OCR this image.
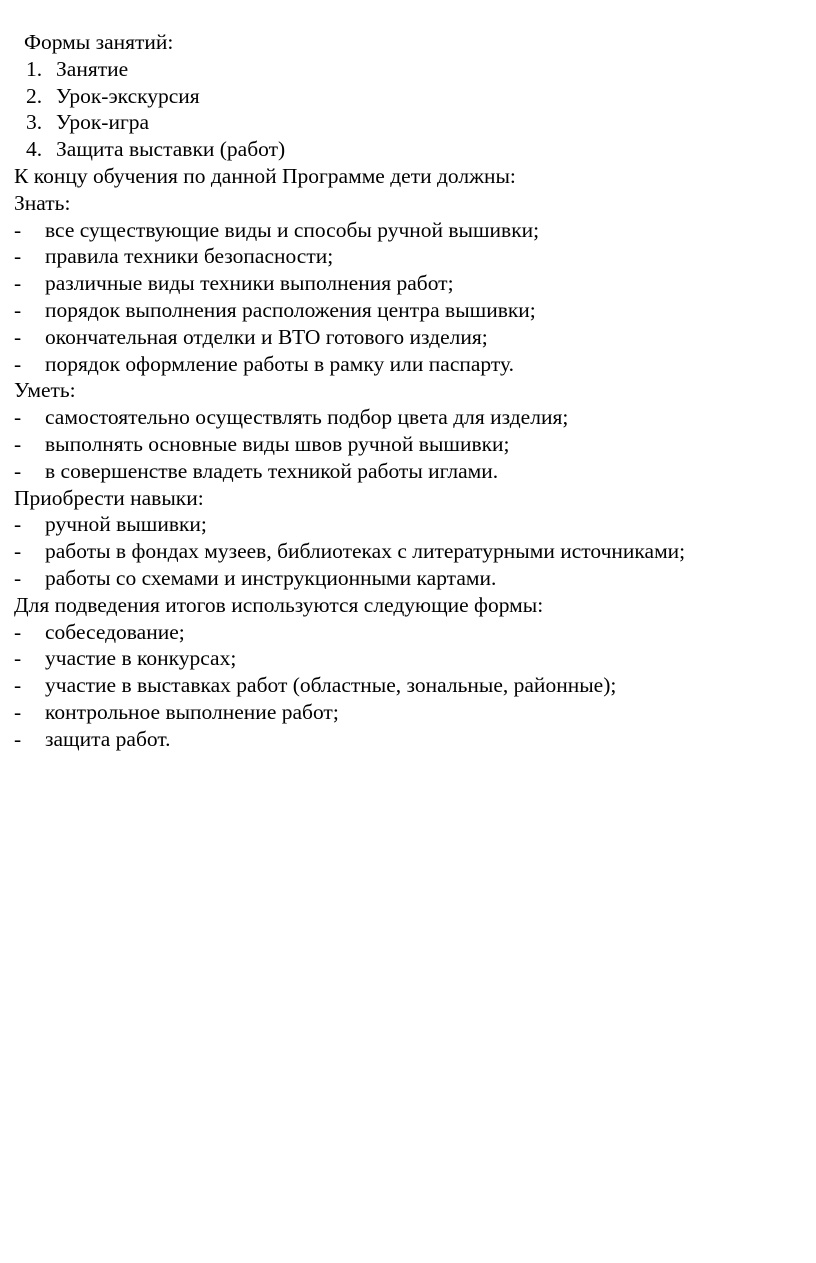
Формы занятий:
1. Занятие
2. Урок-экскурсия
3. Урок-игра
4. Защита выставки (работ)
К концу обучения по данной Программе дети должны:
Знать:
- все существующие виды и способы ручной вышивки;
- правила техники безопасности;
- различные виды техники выполнения работ;
- порядок выполнения расположения центра вышивки;
- окончательная отделки и ВТО готового изделия;
- порядок оформление работы в рамку или паспарту.
Уметь:
- самостоятельно осуществлять подбор цвета для изделия;
- выполнять основные виды швов ручной вышивки;
- в совершенстве владеть техникой работы иглами.
Приобрести навыки:
- ручной вышивки;
- работы в фондах музеев, библиотеках с литературными источниками;
- работы со схемами и инструкционными картами.
Для подведения итогов используются следующие формы:
- собеседование;
- участие в конкурсах;
- участие в выставках работ (областные, зональные, районные);
- контрольное выполнение работ;
- защита работ.
